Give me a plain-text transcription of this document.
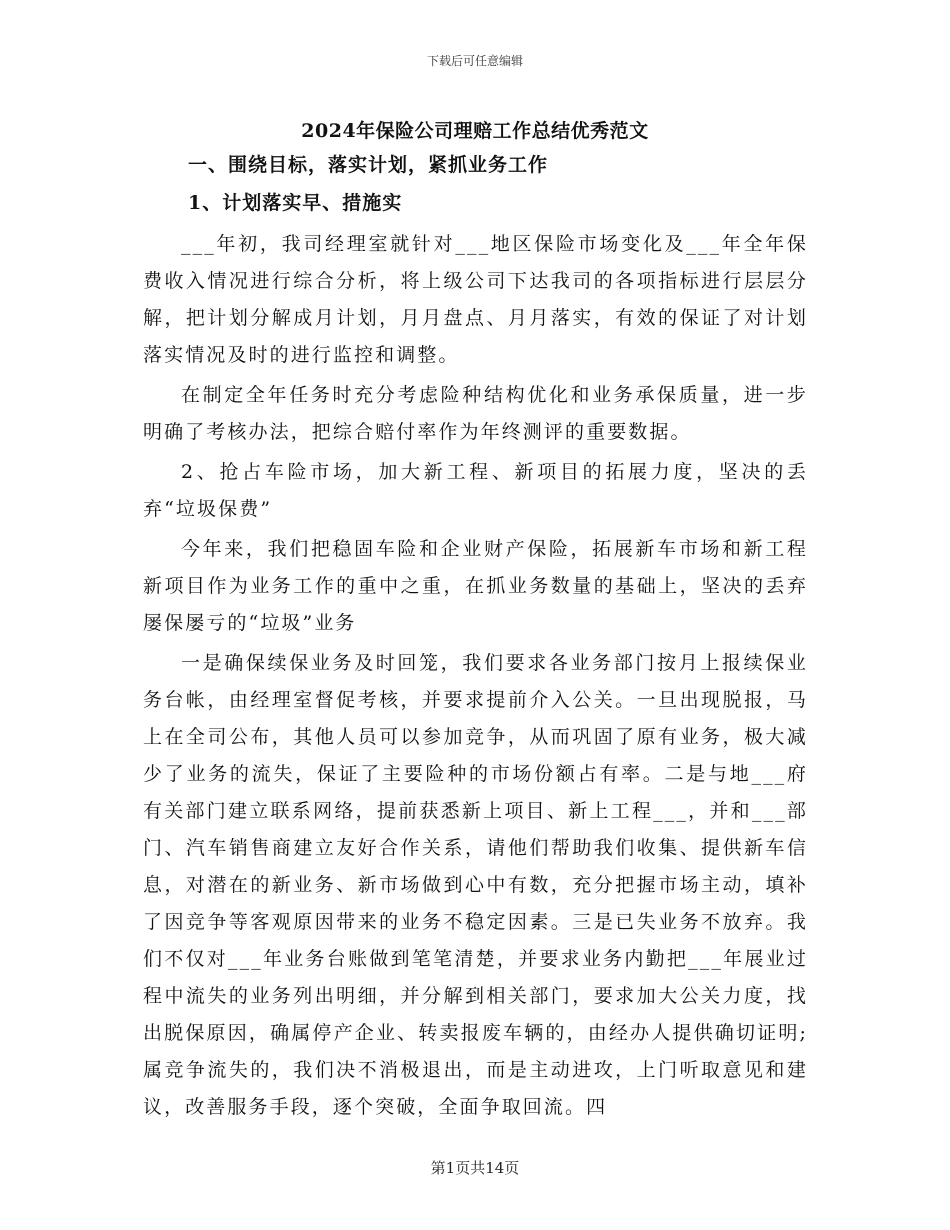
下载后可任意编辑
2024年保险公司理赔工作总结优秀范文
一、围绕目标，落实计划，紧抓业务工作
1、计划落实早、措施实

___年初，我司经理室就针对___地区保险市场变化及___年全年保费收入情况进行综合分析，将上级公司下达我司的各项指标进行层层分解，把计划分解成月计划，月月盘点、月月落实，有效的保证了对计划落实情况及时的进行监控和调整。

在制定全年任务时充分考虑险种结构优化和业务承保质量，进一步明确了考核办法，把综合赔付率作为年终测评的重要数据。

2、抢占车险市场，加大新工程、新项目的拓展力度，坚决的丢弃“垃圾保费”

今年来，我们把稳固车险和企业财产保险，拓展新车市场和新工程新项目作为业务工作的重中之重，在抓业务数量的基础上，坚决的丢弃屡保屡亏的“垃圾”业务

一是确保续保业务及时回笼，我们要求各业务部门按月上报续保业务台帐，由经理室督促考核，并要求提前介入公关。一旦出现脱报，马上在全司公布，其他人员可以参加竞争，从而巩固了原有业务，极大减少了业务的流失，保证了主要险种的市场份额占有率。二是与地___府有关部门建立联系网络，提前获悉新上项目、新上工程___，并和___部门、汽车销售商建立友好合作关系，请他们帮助我们收集、提供新车信息，对潜在的新业务、新市场做到心中有数，充分把握市场主动，填补了因竞争等客观原因带来的业务不稳定因素。三是已失业务不放弃。我们不仅对___年业务台账做到笔笔清楚，并要求业务内勤把___年展业过程中流失的业务列出明细，并分解到相关部门，要求加大公关力度，找出脱保原因，确属停产企业、转卖报废车辆的，由经办人提供确切证明;属竞争流失的，我们决不消极退出，而是主动进攻，上门听取意见和建议，改善服务手段，逐个突破，全面争取回流。四

第1页共14页
